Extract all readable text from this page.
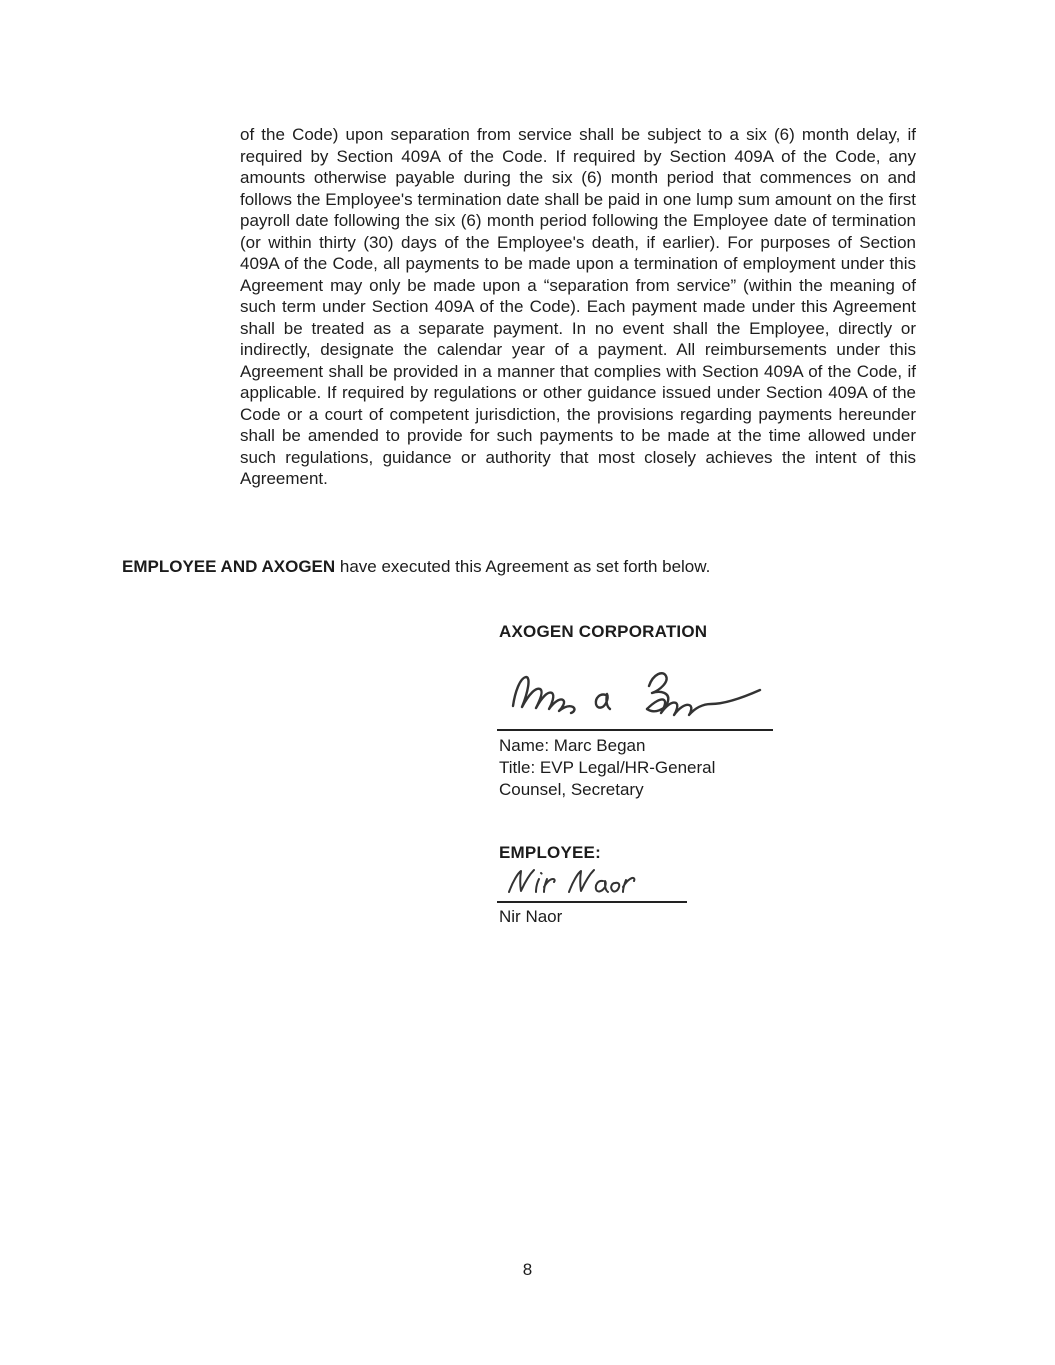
of the Code) upon separation from service shall be subject to a six (6) month delay, if required by Section 409A of the Code. If required by Section 409A of the Code, any amounts otherwise payable during the six (6) month period that commences on and follows the Employee's termination date shall be paid in one lump sum amount on the first payroll date following the six (6) month period following the Employee date of termination (or within thirty (30) days of the Employee's death, if earlier). For purposes of Section 409A of the Code, all payments to be made upon a termination of employment under this Agreement may only be made upon a “separation from service” (within the meaning of such term under Section 409A of the Code). Each payment made under this Agreement shall be treated as a separate payment. In no event shall the Employee, directly or indirectly, designate the calendar year of a payment. All reimbursements under this Agreement shall be provided in a manner that complies with Section 409A of the Code, if applicable. If required by regulations or other guidance issued under Section 409A of the Code or a court of competent jurisdiction, the provisions regarding payments hereunder shall be amended to provide for such payments to be made at the time allowed under such regulations, guidance or authority that most closely achieves the intent of this Agreement.
EMPLOYEE AND AXOGEN have executed this Agreement as set forth below.
AXOGEN CORPORATION
Name: Marc Began
Title: EVP Legal/HR-General
Counsel, Secretary
EMPLOYEE:
Nir Naor
8
